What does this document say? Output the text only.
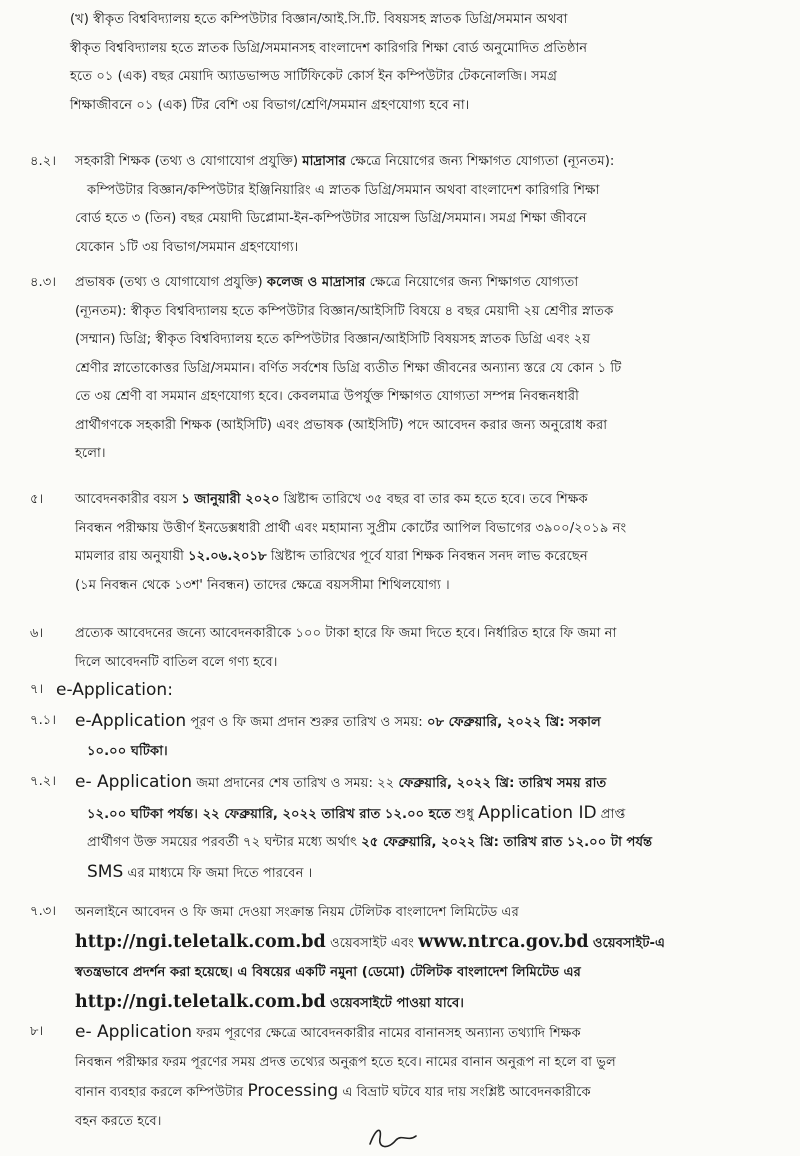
(খ) স্বীকৃত বিশ্ববিদ্যালয় হতে কম্পিউটার বিজ্ঞান/আই.সি.টি. বিষয়সহ স্নাতক ডিগ্রি/সমমান অথবা
স্বীকৃত বিশ্ববিদ্যালয় হতে স্নাতক ডিগ্রি/সমমানসহ বাংলাদেশ কারিগরি শিক্ষা বোর্ড অনুমোদিত প্রতিষ্ঠান
হতে ০১ (এক) বছর মেয়াদি অ্যাডভান্সড সার্টিফিকেট কোর্স ইন কম্পিউটার টেকনোলজি। সমগ্র
শিক্ষাজীবনে ০১ (এক) টির বেশি ৩য় বিভাগ/শ্রেণি/সমমান গ্রহণযোগ্য হবে না।
৪.২। সহকারী শিক্ষক (তথ্য ও যোগাযোগ প্রযুক্তি) মাদ্রাসার ক্ষেত্রে নিয়োগের জন্য শিক্ষাগত যোগ্যতা (ন্যূনতম):
কম্পিউটার বিজ্ঞান/কম্পিউটার ইঞ্জিনিয়ারিং এ স্নাতক ডিগ্রি/সমমান অথবা বাংলাদেশ কারিগরি শিক্ষা
বোর্ড হতে ৩ (তিন) বছর মেয়াদী ডিপ্লোমা-ইন-কম্পিউটার সায়েন্স ডিগ্রি/সমমান। সমগ্র শিক্ষা জীবনে
যেকোন ১টি ৩য় বিভাগ/সমমান গ্রহণযোগ্য।
৪.৩। প্রভাষক (তথ্য ও যোগাযোগ প্রযুক্তি) কলেজ ও মাদ্রাসার ক্ষেত্রে নিয়োগের জন্য শিক্ষাগত যোগ্যতা
(ন্যূনতম): স্বীকৃত বিশ্ববিদ্যালয় হতে কম্পিউটার বিজ্ঞান/আইসিটি বিষয়ে ৪ বছর মেয়াদী ২য় শ্রেণীর স্নাতক
(সম্মান) ডিগ্রি; স্বীকৃত বিশ্ববিদ্যালয় হতে কম্পিউটার বিজ্ঞান/আইসিটি বিষয়সহ স্নাতক ডিগ্রি এবং ২য়
শ্রেণীর স্নাতোকোত্তর ডিগ্রি/সমমান। বর্ণিত সর্বশেষ ডিগ্রি ব্যতীত শিক্ষা জীবনের অন্যান্য স্তরে যে কোন ১ টি
তে ৩য় শ্রেণী বা সমমান গ্রহণযোগ্য হবে। কেবলমাত্র উপর্যুক্ত শিক্ষাগত যোগ্যতা সম্পন্ন নিবন্ধনধারী
প্রার্থীগণকে সহকারী শিক্ষক (আইসিটি) এবং প্রভাষক (আইসিটি) পদে আবেদন করার জন্য অনুরোধ করা
হলো।
৫। আবেদনকারীর বয়স ১ জানুয়ারী ২০২০ খ্রিষ্টাব্দ তারিখে ৩৫ বছর বা তার কম হতে হবে। তবে শিক্ষক
নিবন্ধন পরীক্ষায় উত্তীর্ণ ইনডেক্সধারী প্রার্থী এবং মহামান্য সুপ্রীম কোর্টের আপিল বিভাগের ৩৯০০/২০১৯ নং
মামলার রায় অনুযায়ী ১২.০৬.২০১৮ খ্রিষ্টাব্দ তারিখের পূর্বে যারা শিক্ষক নিবন্ধন সনদ লাভ করেছেন
(১ম নিবন্ধন থেকে ১৩শ' নিবন্ধন) তাদের ক্ষেত্রে বয়সসীমা শিথিলযোগ্য ।
৬। প্রত্যেক আবেদনের জন্যে আবেদনকারীকে ১০০ টাকা হারে ফি জমা দিতে হবে। নির্ধারিত হারে ফি জমা না
দিলে আবেদনটি বাতিল বলে গণ্য হবে।
৭। e-Application:
৭.১। e-Application পূরণ ও ফি জমা প্রদান শুরুর তারিখ ও সময়: ০৮ ফেব্রুয়ারি, ২০২২ খ্রি: সকাল
১০.০০ ঘটিকা।
৭.২। e- Application জমা প্রদানের শেষ তারিখ ও সময়: ২২ ফেব্রুয়ারি, ২০২২ খ্রি: তারিখ সময় রাত
১২.০০ ঘটিকা পর্যন্ত। ২২ ফেব্রুয়ারি, ২০২২ তারিখ রাত ১২.০০ হতে শুধু Application ID প্রাপ্ত
প্রার্থীগণ উক্ত সময়ের পরবর্তী ৭২ ঘন্টার মধ্যে অর্থাৎ ২৫ ফেব্রুয়ারি, ২০২২ খ্রি: তারিখ রাত ১২.০০ টা পর্যন্ত
SMS এর মাধ্যমে ফি জমা দিতে পারবেন ।
৭.৩। অনলাইনে আবেদন ও ফি জমা দেওয়া সংক্রান্ত নিয়ম টেলিটক বাংলাদেশ লিমিটেড এর
http://ngi.teletalk.com.bd ওয়েবসাইট এবং www.ntrca.gov.bd ওয়েবসাইট-এ
স্বতন্ত্রভাবে প্রদর্শন করা হয়েছে। এ বিষয়ের একটি নমুনা (ডেমো) টেলিটক বাংলাদেশ লিমিটেড এর
http://ngi.teletalk.com.bd ওয়েবসাইটে পাওয়া যাবে।
৮। e- Application ফরম পূরণের ক্ষেত্রে আবেদনকারীর নামের বানানসহ অন্যান্য তথ্যাদি শিক্ষক
নিবন্ধন পরীক্ষার ফরম পূরণের সময় প্রদত্ত তথ্যের অনুরূপ হতে হবে। নামের বানান অনুরূপ না হলে বা ভুল
বানান ব্যবহার করলে কম্পিউটার Processing এ বিভ্রাট ঘটবে যার দায় সংশ্লিষ্ট আবেদনকারীকে
বহন করতে হবে।
